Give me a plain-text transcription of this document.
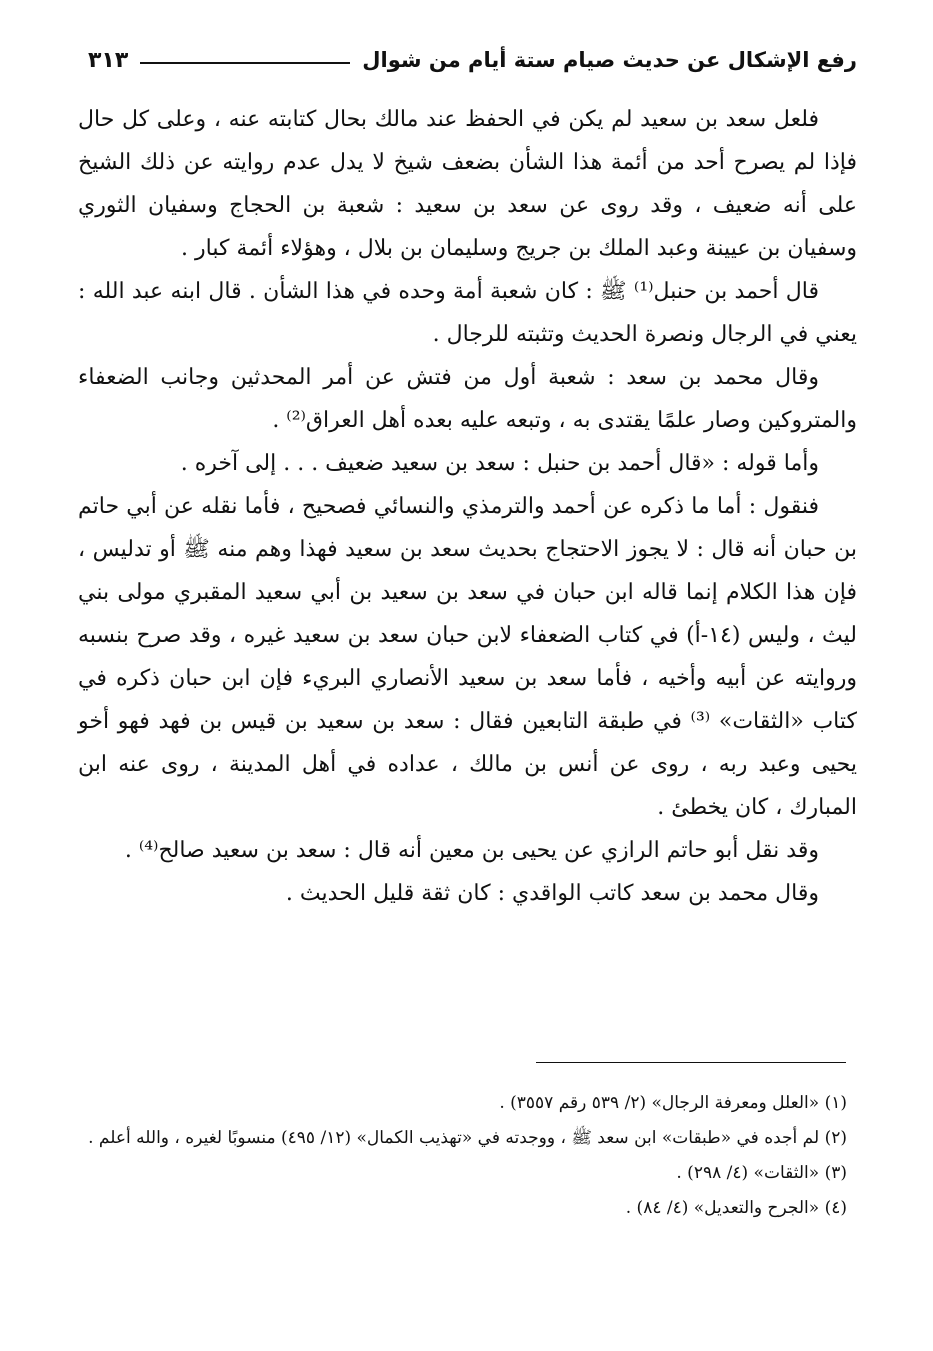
رفع الإشكال عن حديث صيام ستة أيام من شوال
٣١٣

فلعل سعد بن سعيد لم يكن في الحفظ عند مالك بحال كتابته عنه ، وعلى كل حال فإذا لم يصرح أحد من أئمة هذا الشأن بضعف شيخ لا يدل عدم روايته عن ذلك الشيخ على أنه ضعيف ، وقد روى عن سعد بن سعيد : شعبة بن الحجاج وسفيان الثوري وسفيان بن عيينة وعبد الملك بن جريج وسليمان بن بلال ، وهؤلاء أئمة كبار .

قال أحمد بن حنبل⁽¹⁾ ﷺ : كان شعبة أمة وحده في هذا الشأن . قال ابنه عبد الله : يعني في الرجال ونصرة الحديث وتثبته للرجال .

وقال محمد بن سعد : شعبة أول من فتش عن أمر المحدثين وجانب الضعفاء والمتروكين وصار علمًا يقتدى به ، وتبعه عليه بعده أهل العراق⁽²⁾ .

وأما قوله : «قال أحمد بن حنبل : سعد بن سعيد ضعيف . . . إلى آخره .

فنقول : أما ما ذكره عن أحمد والترمذي والنسائي فصحيح ، فأما نقله عن أبي حاتم بن حبان أنه قال : لا يجوز الاحتجاج بحديث سعد بن سعيد فهذا وهم منه ﷺ أو تدليس ، فإن هذا الكلام إنما قاله ابن حبان في سعد بن سعيد بن أبي سعيد المقبري مولى بني ليث ، وليس (١٤-أ) في كتاب الضعفاء لابن حبان سعد بن سعيد غيره ، وقد صرح بنسبه وروايته عن أبيه وأخيه ، فأما سعد بن سعيد الأنصاري البريء فإن ابن حبان ذكره في كتاب «الثقات» ⁽³⁾ في طبقة التابعين فقال : سعد بن سعيد بن قيس بن فهد فهو أخو يحيى وعبد ربه ، روى عن أنس بن مالك ، عداده في أهل المدينة ، روى عنه ابن المبارك ، كان يخطئ .

وقد نقل أبو حاتم الرازي عن يحيى بن معين أنه قال : سعد بن سعيد صالح⁽⁴⁾ .

وقال محمد بن سعد كاتب الواقدي : كان ثقة قليل الحديث .

(١) «العلل ومعرفة الرجال» (٢/ ٥٣٩ رقم ٣٥٥٧) .

(٢) لم أجده في «طبقات» ابن سعد ﷺ ، ووجدته في «تهذيب الكمال» (١٢/ ٤٩٥) منسوبًا لغيره ، والله أعلم .

(٣) «الثقات» (٤/ ٢٩٨) .

(٤) «الجرح والتعديل» (٤/ ٨٤) .
